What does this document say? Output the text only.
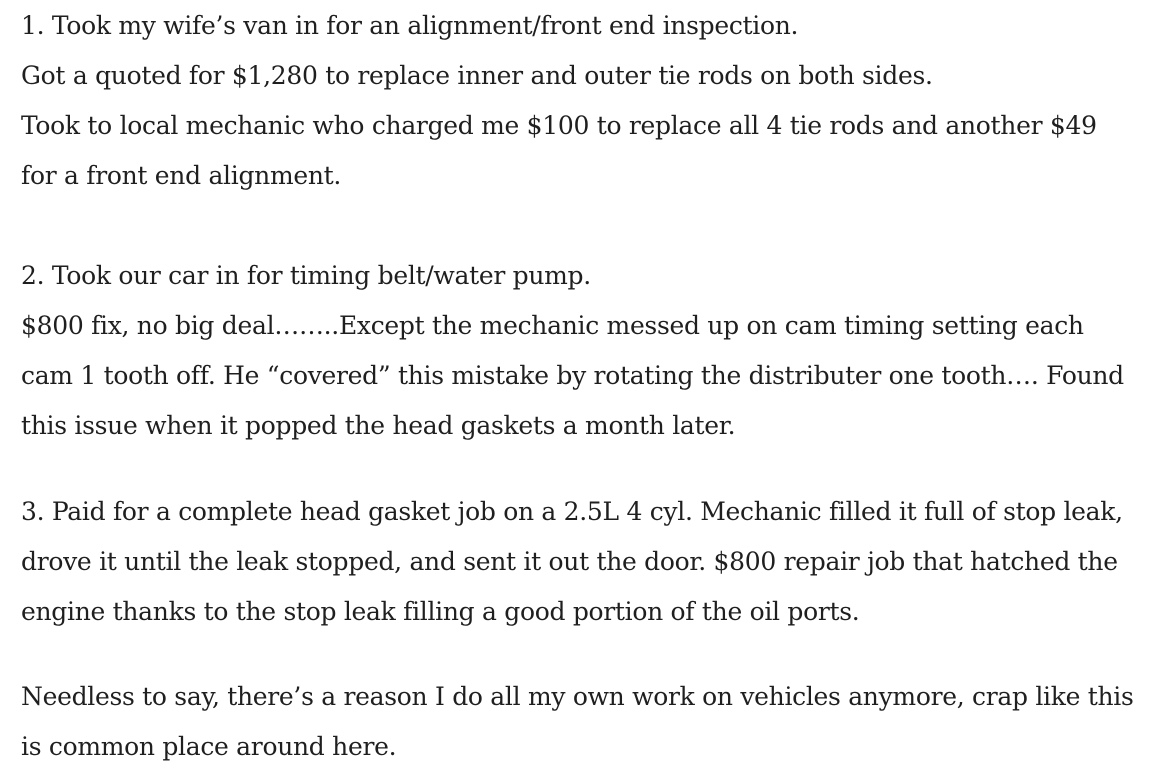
1. Took my wife’s van in for an alignment/front end inspection.
Got a quoted for $1,280 to replace inner and outer tie rods on both sides.
Took to local mechanic who charged me $100 to replace all 4 tie rods and another $49
for a front end alignment.

2. Took our car in for timing belt/water pump.
$800 fix, no big deal……..Except the mechanic messed up on cam timing setting each
cam 1 tooth off. He “covered” this mistake by rotating the distributer one tooth…. Found
this issue when it popped the head gaskets a month later.

3. Paid for a complete head gasket job on a 2.5L 4 cyl. Mechanic filled it full of stop leak,
drove it until the leak stopped, and sent it out the door. $800 repair job that hatched the
engine thanks to the stop leak filling a good portion of the oil ports.

Needless to say, there’s a reason I do all my own work on vehicles anymore, crap like this
is common place around here.
